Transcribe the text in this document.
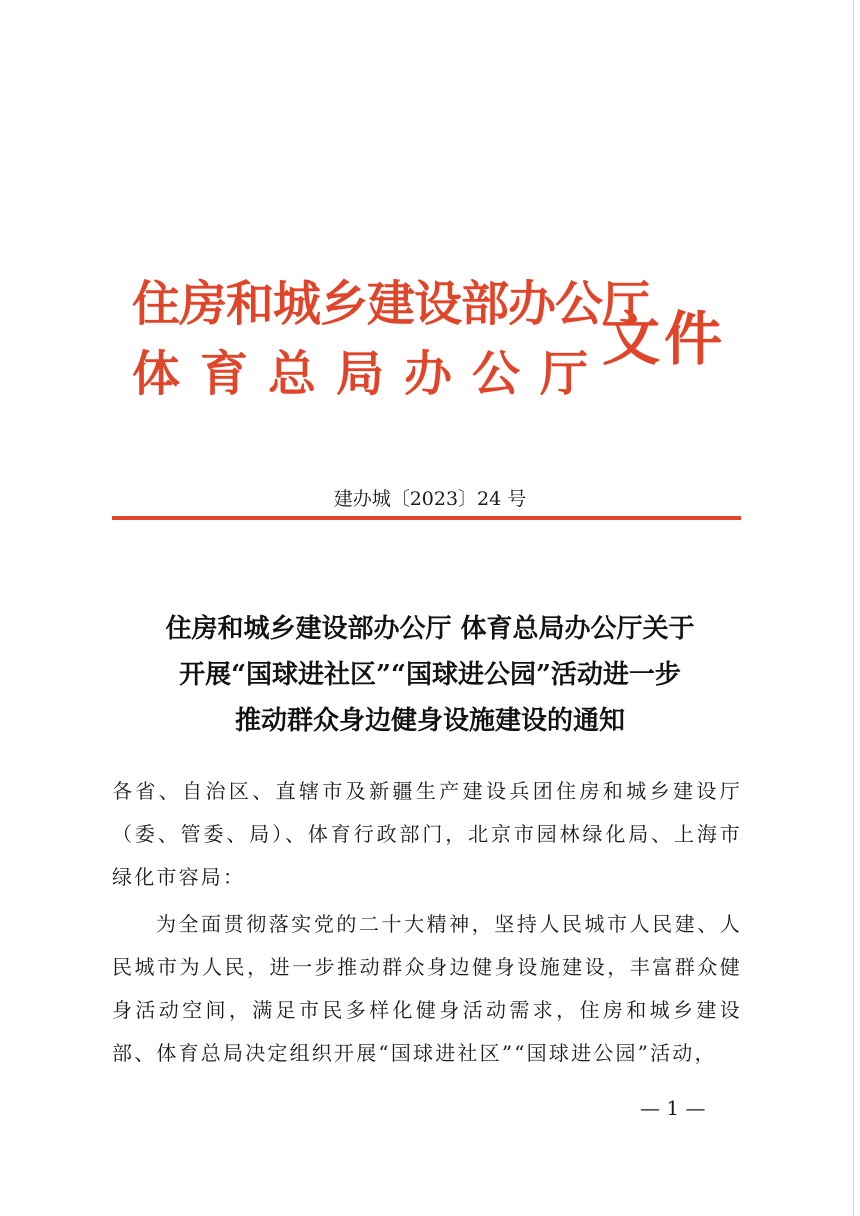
住房和城乡建设部办公厅
体育总局办公厅
文件
建办城〔2023〕24 号
住房和城乡建设部办公厅 体育总局办公厅关于
开展“国球进社区”“国球进公园”活动进一步
推动群众身边健身设施建设的通知
各省、自治区、直辖市及新疆生产建设兵团住房和城乡建设厅（委、管委、局）、体育行政部门，北京市园林绿化局、上海市绿化市容局：
为全面贯彻落实党的二十大精神，坚持人民城市人民建、人民城市为人民，进一步推动群众身边健身设施建设，丰富群众健身活动空间，满足市民多样化健身活动需求，住房和城乡建设部、体育总局决定组织开展“国球进社区”“国球进公园”活动，
— 1 —
